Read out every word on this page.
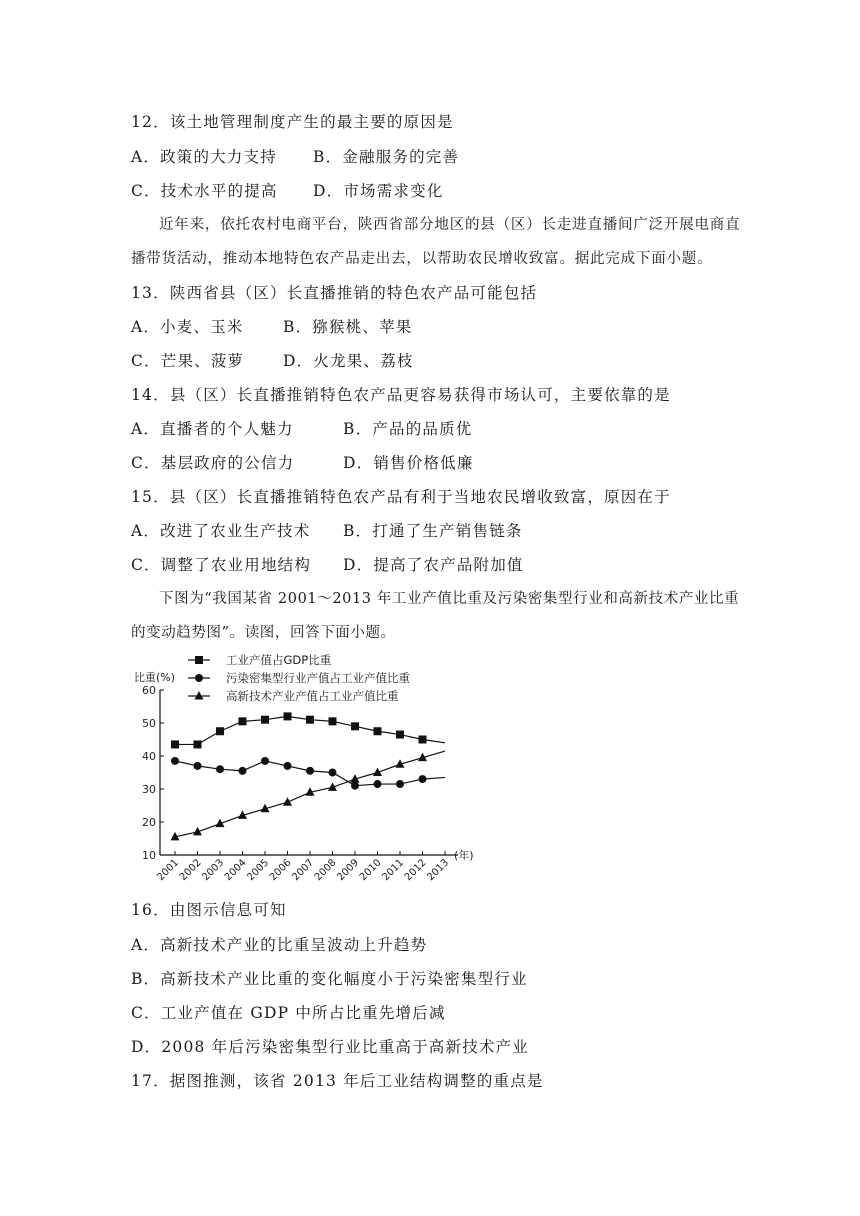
12．该土地管理制度产生的最主要的原因是
A．政策的大力支持 B．金融服务的完善
C．技术水平的提高 D．市场需求变化
近年来，依托农村电商平台，陕西省部分地区的县（区）长走进直播间广泛开展电商直
播带货活动，推动本地特色农产品走出去，以帮助农民增收致富。据此完成下面小题。
13．陕西省县（区）长直播推销的特色农产品可能包括
A．小麦、玉米	B．猕猴桃、苹果
C．芒果、菠萝 D．火龙果、荔枝
14．县（区）长直播推销特色农产品更容易获得市场认可，主要依靠的是
A．直播者的个人魅力	B．产品的品质优
C．基层政府的公信力	D．销售价格低廉
15．县（区）长直播推销特色农产品有利于当地农民增收致富，原因在于
A．改进了农业生产技术 B．打通了生产销售链条
C．调整了农业用地结构 D．提高了农产品附加值
下图为“我国某省 2001～2013 年工业产值比重及污染密集型行业和高新技术产业比重
的变动趋势图”。读图，回答下面小题。
60
50
40
30
20
10
比重(%)
2001
2002
2003
2004
2005
2006
2007
2008
2009
2010
2011
2012
2013
(年)
工业产值占GDP比重
污染密集型行业产值占工业产值比重
高新技术产业产值占工业产值比重
16．由图示信息可知
A．高新技术产业的比重呈波动上升趋势
B．高新技术产业比重的变化幅度小于污染密集型行业
C．工业产值在 GDP 中所占比重先增后减
D．2008 年后污染密集型行业比重高于高新技术产业
17．据图推测，该省 2013 年后工业结构调整的重点是
